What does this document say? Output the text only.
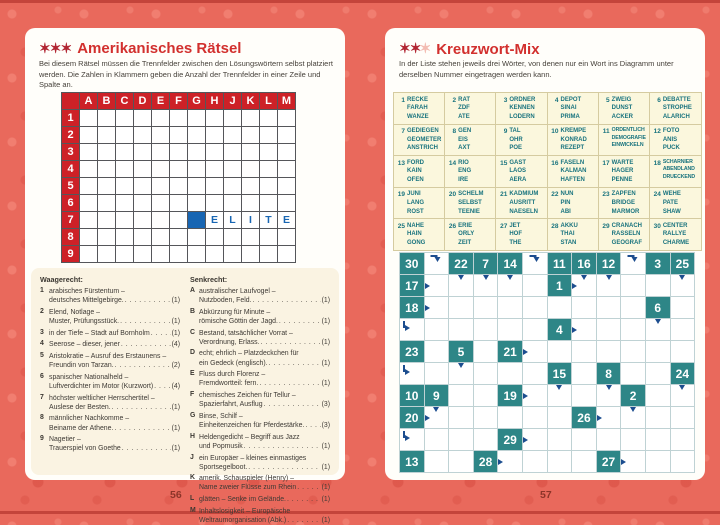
✶✶✶ Amerikanisches Rätsel
Bei diesem Rätsel müssen die Trennfelder zwischen den Lösungswörtern selbst platziert werden. Die Zahlen in Klammern geben die Anzahl der Trennfelder in einer Zeile und Spalte an.
	A	B	C	D	E	F	G	H	J	K	L	M
1												
2												
3												
4												
5												
6												
7								E	L	I	T	E
8												
9												
Waagerecht:
1 arabisches Fürstentum –
deutsches Mittelgebirge. . . .	(1)
2 Elend, Notlage –
Muster, Prüfungsstück. . . .	(1)
3 in der Tiefe – Stadt auf Bornholm . . .	(1)
4 Seerose – dieser, jener . . .	(4)
5 Aristokratie – Ausruf des Erstaunens –
Freundin von Tarzan. . . .	(2)
6 spanischer Nationalheld –
Luftverdichter im Motor (Kurzwort) . . .	(4)
7 höchster weltlicher Herrschertitel –
Auslese der Besten. . . .	(1)
8 männlicher Nachkomme –
Beiname der Athene. . . .	(1)
9 Nagetier –
Trauerspiel von Goethe . . .	(1)
Senkrecht:
A australischer Laufvogel –
Nutzboden, Feld. . . .	(1)
B Abkürzung für Minute –
römische Göttin der Jagd. . . .	(1)
C Bestand, tatsächlicher Vorrat –
Verordnung, Erlass. . . .	(1)
D echt; ehrlich – Platzdeckchen für
ein Gedeck (englisch). . . .	(1)
E Fluss durch Florenz –
Fremdwortteil: fern. . . .	(1)
F chemisches Zeichen für Tellur –
Spazierfahrt, Ausflug . . .	(3)
G Binse, Schilf –
Einheitenzeichen für Pferdestärke. . . . (3)
H Heldengedicht – Begriff aus Jazz
und Popmusik . . .	(1)
J ein Europäer – kleines einmastiges
Sportsegelboot. . . .	(1)
K amerik. Schauspieler (Henry) –
Name zweier Flüsse zum Rhein . . .	(1)
L glätten – Senke im Gelände. . . .	(1)
M Inhaltslosigkeit – Europäische
Weltraumorganisation (Abk.) . . .	(1)
✶✶✶ Kreuzwort-Mix
In der Liste stehen jeweils drei Wörter, von denen nur ein Wort ins Diagramm unter derselben Nummer eingetragen werden kann.
1 RECKE
FARAH
WANZE
2 RAT
ZDF
ATE
3 ORDNER
KENNEN
LODERN
4 DEPOT
SINAI
PRIMA
5 ZWEIG
DUNST
ACKER
6 DEBATTE
STROPHE
ALARICH
7 GEDIEGEN
GEOMETER
ANSTRICH
8 GEN
EIS
AXT
9 TAL
OHR
POE
10 KREMPE
KONRAD
REZEPT
11 ORDENTLICH
DEMOGRAFIE
EINWICKELN
12 FOTO
ANIS
PUCK
13 FORD
KAIN
OFEN
14 RIO
ENG
IRE
15 GAST
LAOS
AERA
16 FASELN
KALMAN
HAFTEN
17 WARTE
HAGER
PENNE
18 SCHARNIER
ABENDLAND
DRUECKEND
19 JUNI
LANG
ROST
20 SCHELM
SELBST
TEENIE
21 KADMIUM
AUSRITT
NAESELN
22 NUN
PIN
ABI
23 ZAPFEN
BRIDGE
MARMOR
24 WEHE
PATE
SHAW
25 NAHE
HAIN
GONG
26 ERIE
ORLY
ZEIT
27 JET
HOF
THE
28 AKKU
THAI
STAN
29 CRANACH
RASSELN
GEOGRAF
30 CENTER
RALLYE
CHARME
30		22	7	14		11	16	12		3	25

17						1

18										6

						4

23		5		21

						15		8			24

10	9			19					2

20							26

				29

13			28					27

56	57
